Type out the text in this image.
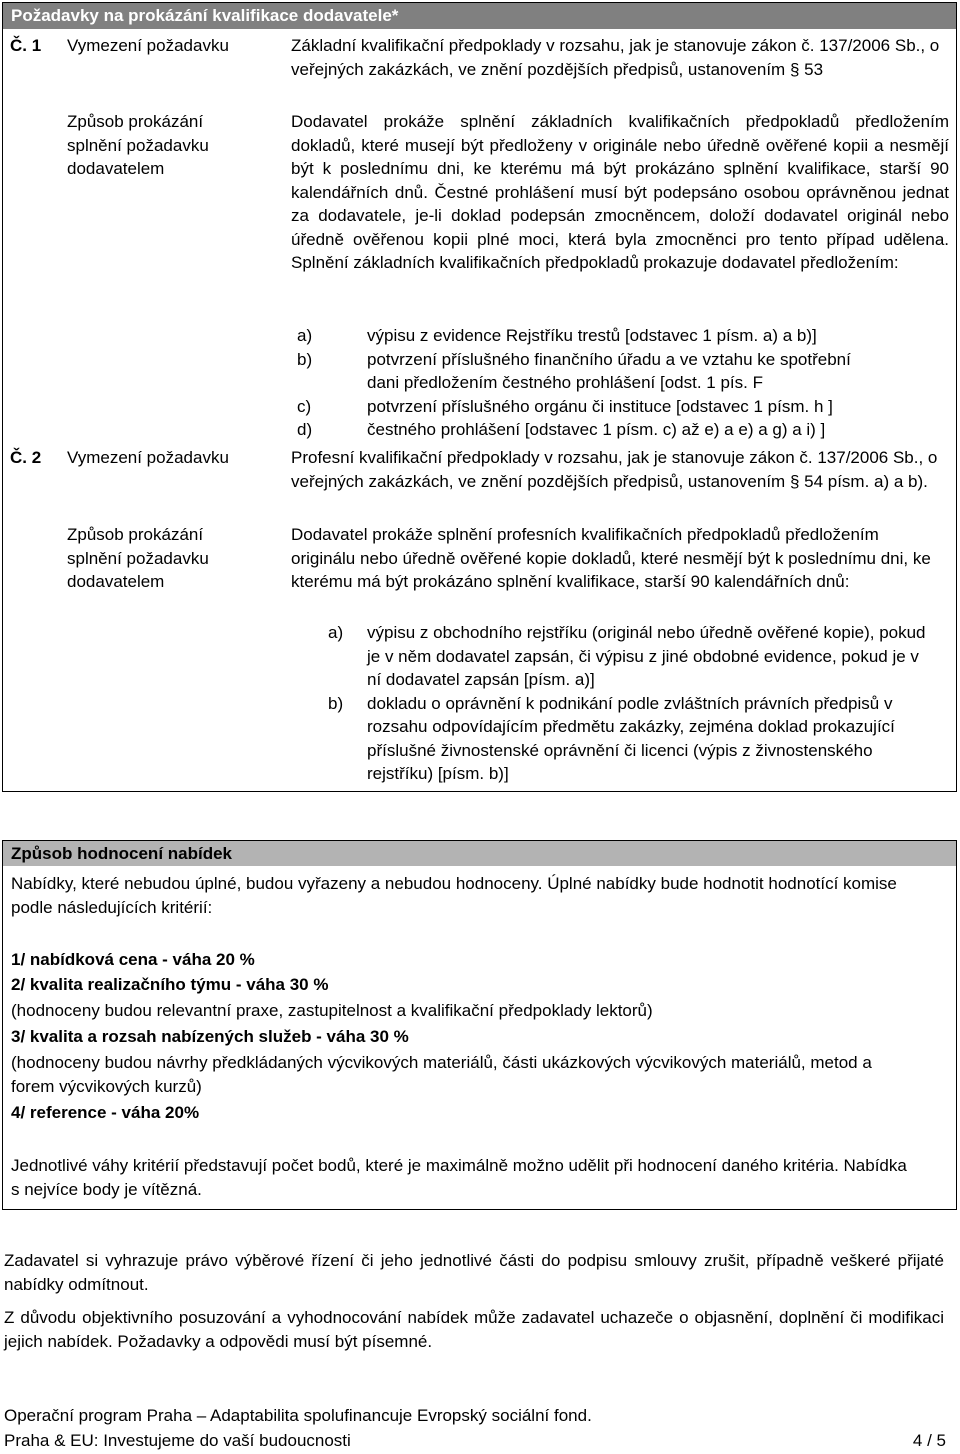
Požadavky na prokázání kvalifikace dodavatele*
Č. 1 Vymezení požadavku	Základní kvalifikační předpoklady v rozsahu, jak je stanovuje zákon č. 137/2006 Sb., o veřejných zakázkách, ve znění pozdějších předpisů, ustanovením § 53
Způsob prokázání splnění požadavku dodavatelem
Dodavatel prokáže splnění základních kvalifikačních předpokladů předložením dokladů, které musejí být předloženy v originále nebo úředně ověřené kopii a nesmějí být k poslednímu dni, ke kterému má být prokázáno splnění kvalifikace, starší 90 kalendářních dnů. Čestné prohlášení musí být podepsáno osobou oprávněnou jednat za dodavatele, je-li doklad podepsán zmocněncem, doloží dodavatel originál nebo úředně ověřenou kopii plné moci, která byla zmocněnci pro tento případ udělena. Splnění základních kvalifikačních předpokladů prokazuje dodavatel předložením:
a)	výpisu z evidence Rejstříku trestů [odstavec 1 písm. a) a b)]
b)	potvrzení příslušného finančního úřadu a ve vztahu ke spotřební dani předložením čestného prohlášení [odst. 1 pís. F
c)	potvrzení příslušného orgánu či instituce [odstavec 1 písm. h ]
d)	čestného prohlášení [odstavec 1 písm. c) až e) a e) a g) a i) ]
Č. 2 Vymezení požadavku	Profesní kvalifikační předpoklady v rozsahu, jak je stanovuje zákon č. 137/2006 Sb., o veřejných zakázkách, ve znění pozdějších předpisů, ustanovením § 54 písm. a) a b).
Způsob prokázání splnění požadavku dodavatelem
Dodavatel prokáže splnění profesních kvalifikačních předpokladů předložením originálu nebo úředně ověřené kopie dokladů, které nesmějí být k poslednímu dni, ke kterému má být prokázáno splnění kvalifikace, starší 90 kalendářních dnů:
a) výpisu z obchodního rejstříku (originál nebo úředně ověřené kopie), pokud je v něm dodavatel zapsán, či výpisu z jiné obdobné evidence, pokud je v ní dodavatel zapsán [písm. a)]
b) dokladu o oprávnění k podnikání podle zvláštních právních předpisů v rozsahu odpovídajícím předmětu zakázky, zejména doklad prokazující příslušné živnostenské oprávnění či licenci (výpis z živnostenského rejstříku) [písm. b)]
Způsob hodnocení nabídek
Nabídky, které nebudou úplné, budou vyřazeny a nebudou hodnoceny. Úplné nabídky bude hodnotit hodnotící komise podle následujících kritérií:
1/ nabídková cena - váha 20 %
2/ kvalita realizačního týmu - váha 30 %
(hodnoceny budou relevantní praxe, zastupitelnost a kvalifikační předpoklady lektorů)
3/ kvalita a rozsah nabízených služeb - váha 30 %
(hodnoceny budou návrhy předkládaných výcvikových materiálů, části ukázkových výcvikových materiálů, metod a forem výcvikových kurzů)
4/ reference - váha 20%
Jednotlivé váhy kritérií představují počet bodů, které je maximálně možno udělit při hodnocení daného kritéria. Nabídka s nejvíce body je vítězná.
Zadavatel si vyhrazuje právo výběrové řízení či jeho jednotlivé části do podpisu smlouvy zrušit, případně veškeré přijaté nabídky odmítnout.
Z důvodu objektivního posuzování a vyhodnocování nabídek může zadavatel uchazeče o objasnění, doplnění či modifikaci jejich nabídek. Požadavky a odpovědi musí být písemné.
Operační program Praha – Adaptabilita spolufinancuje Evropský sociální fond.
Praha & EU: Investujeme do vaší budoucnosti	4 / 5
